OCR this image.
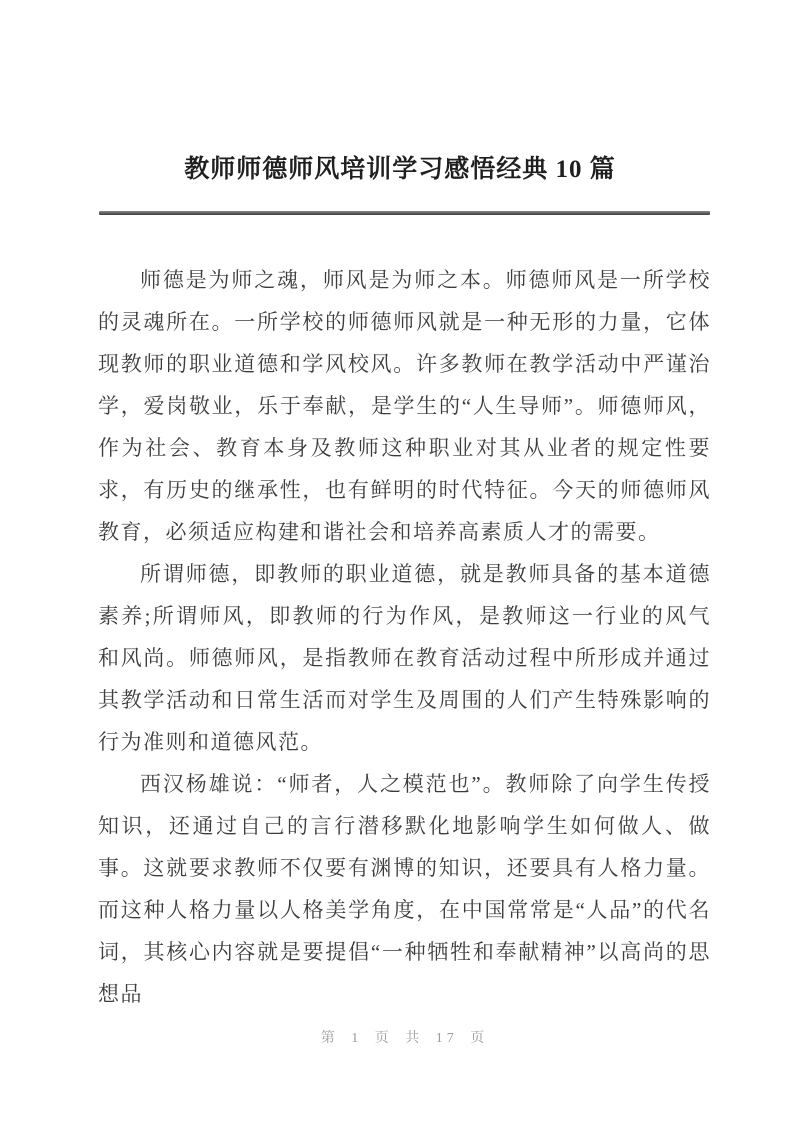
教师师德师风培训学习感悟经典 10 篇

师德是为师之魂，师风是为师之本。师德师风是一所学校的灵魂所在。一所学校的师德师风就是一种无形的力量，它体现教师的职业道德和学风校风。许多教师在教学活动中严谨治学，爱岗敬业，乐于奉献，是学生的“人生导师”。师德师风，作为社会、教育本身及教师这种职业对其从业者的规定性要求，有历史的继承性，也有鲜明的时代特征。今天的师德师风教育，必须适应构建和谐社会和培养高素质人才的需要。

所谓师德，即教师的职业道德，就是教师具备的基本道德素养;所谓师风，即教师的行为作风，是教师这一行业的风气和风尚。师德师风，是指教师在教育活动过程中所形成并通过其教学活动和日常生活而对学生及周围的人们产生特殊影响的行为准则和道德风范。

西汉杨雄说：“师者，人之模范也”。教师除了向学生传授知识，还通过自己的言行潜移默化地影响学生如何做人、做事。这就要求教师不仅要有渊博的知识，还要具有人格力量。而这种人格力量以人格美学角度，在中国常常是“人品”的代名词，其核心内容就是要提倡“一种牺牲和奉献精神”以高尚的思想品

第 1 页 共 17 页
